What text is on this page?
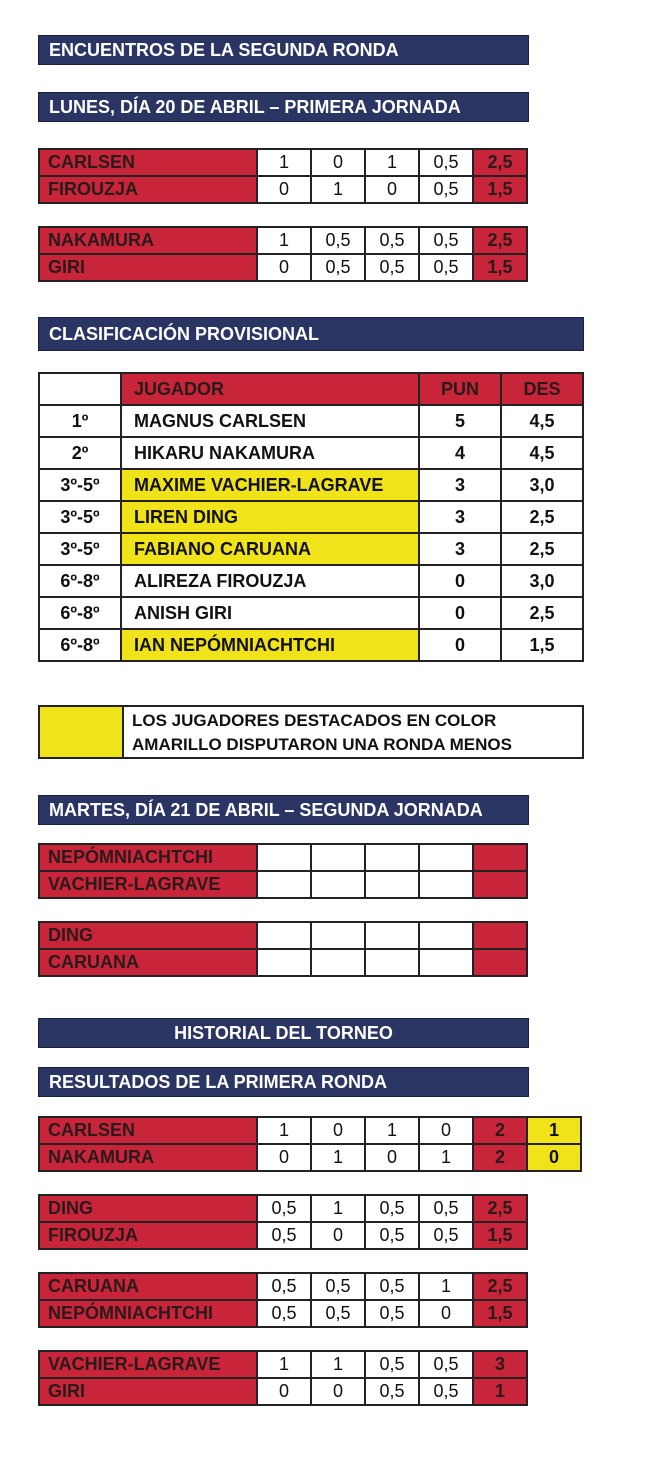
ENCUENTROS DE LA SEGUNDA RONDA
LUNES, DÍA 20 DE ABRIL – PRIMERA JORNADA
CARLSEN	1	0	1	0,5	2,5
FIROUZJA	0	1	0	0,5	1,5
NAKAMURA	1	0,5	0,5	0,5	2,5
GIRI	0	0,5	0,5	0,5	1,5
CLASIFICACIÓN PROVISIONAL
	JUGADOR	PUN	DES
1º	MAGNUS CARLSEN	5	4,5
2º	HIKARU NAKAMURA	4	4,5
3º-5º	MAXIME VACHIER-LAGRAVE	3	3,0
3º-5º	LIREN DING	3	2,5
3º-5º	FABIANO CARUANA	3	2,5
6º-8º	ALIREZA FIROUZJA	0	3,0
6º-8º	ANISH GIRI	0	2,5
6º-8º	IAN NEPÓMNIACHTCHI	0	1,5
LOS JUGADORES DESTACADOS EN COLOR
AMARILLO DISPUTARON UNA RONDA MENOS
MARTES, DÍA 21 DE ABRIL – SEGUNDA JORNADA
NEPÓMNIACHTCHI					
VACHIER-LAGRAVE					
DING					
CARUANA					
HISTORIAL DEL TORNEO
RESULTADOS DE LA PRIMERA RONDA
CARLSEN	1	0	1	0	2	1
NAKAMURA	0	1	0	1	2	0
DING	0,5	1	0,5	0,5	2,5
FIROUZJA	0,5	0	0,5	0,5	1,5
CARUANA	0,5	0,5	0,5	1	2,5
NEPÓMNIACHTCHI	0,5	0,5	0,5	0	1,5
VACHIER-LAGRAVE	1	1	0,5	0,5	3
GIRI	0	0	0,5	0,5	1
